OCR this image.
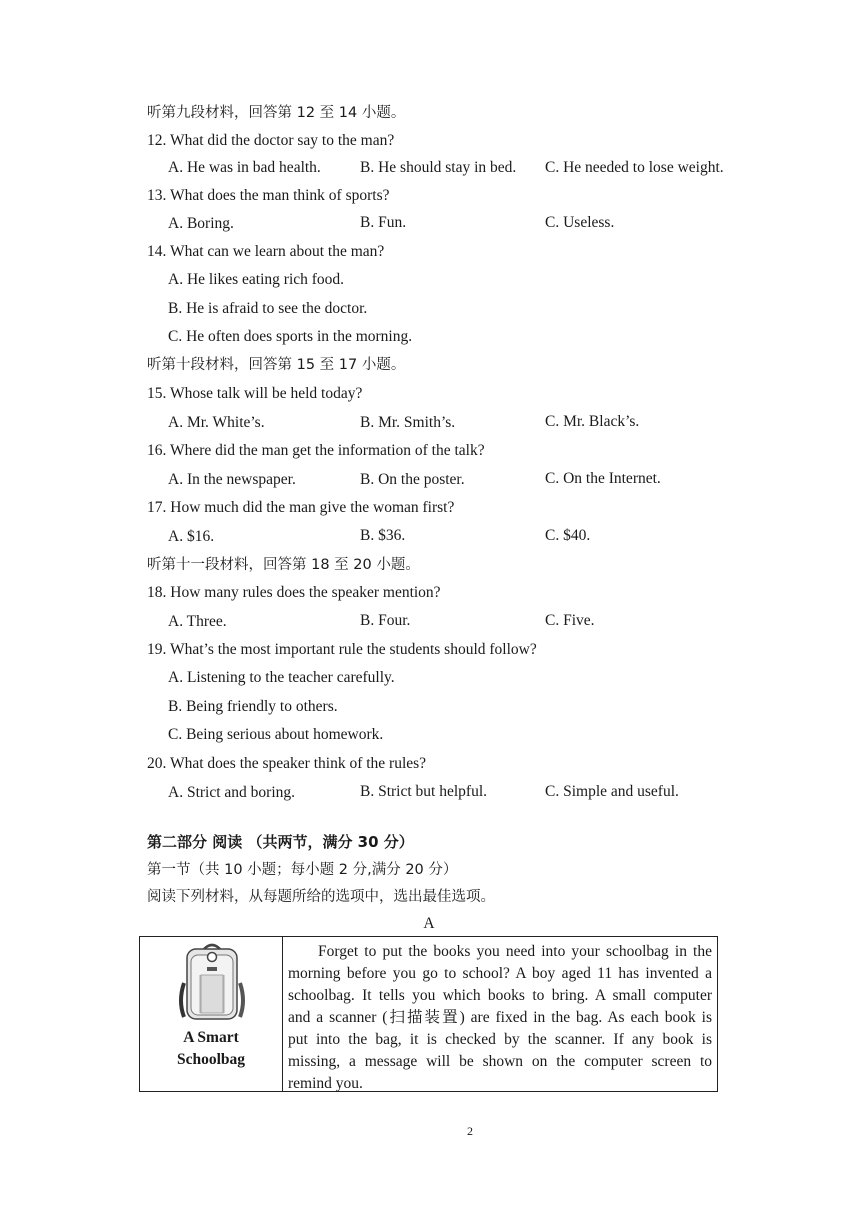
听第九段材料，回答第 12 至 14 小题。
12. What did the doctor say to the man?
A. He was in bad health.	B. He should stay in bed. C. He needed to lose weight.
13. What does the man think of sports?
A. Boring.	B. Fun.	C. Useless.
14. What can we learn about the man?
A. He likes eating rich food.
B. He is afraid to see the doctor.
C. He often does sports in the morning.
听第十段材料，回答第 15 至 17 小题。
15. Whose talk will be held today?
A. Mr. White’s.	B. Mr. Smith’s.	C. Mr. Black’s.
16. Where did the man get the information of the talk?
A. In the newspaper.	B. On the poster.	C. On the Internet.
17. How much did the man give the woman first?
A. $16.	B. $36.	C. $40.
听第十一段材料，回答第 18 至 20 小题。
18. How many rules does the speaker mention?
A. Three.	B. Four.	C. Five.
19. What’s the most important rule the students should follow?
A. Listening to the teacher carefully.
B. Being friendly to others.
C. Being serious about homework.
20. What does the speaker think of the rules?
A. Strict and boring.	B. Strict but helpful.	C. Simple and useful.
第二部分 阅读 （共两节，满分 30 分）
第一节（共 10 小题；每小题 2 分,满分 20 分）
阅读下列材料，从每题所给的选项中，选出最佳选项。
A
A Smart
Schoolbag
Forget to put the books you need into your schoolbag in the
morning before you go to school? A boy aged 11 has invented a
schoolbag. It tells you which books to bring. A small computer
and a scanner (扫描装置) are fixed in the bag. As each book is
put into the bag, it is checked by the scanner. If any book is
missing, a message will be shown on the computer screen to
remind you.
2
